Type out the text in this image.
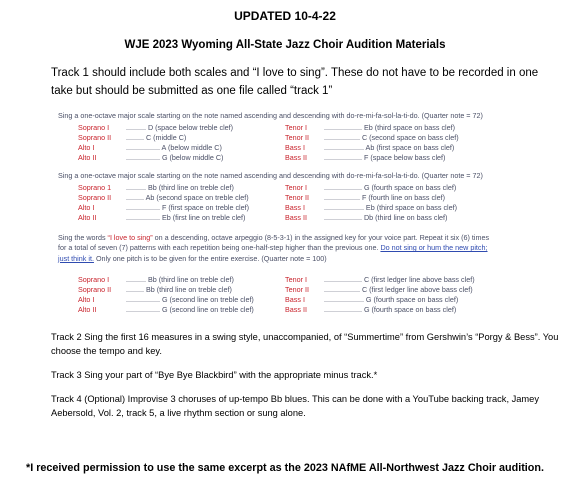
UPDATED 10-4-22
WJE 2023 Wyoming All-State Jazz Choir Audition Materials
Track 1 should include both scales and “I love to sing”. These do not have to be recorded in one take but should be submitted as one file called “track 1”
Sing a one-octave major scale starting on the note named ascending and descending with do-re-mi-fa-sol-la-ti-do. (Quarter note = 72)
Soprano I .......... D (space below treble clef)	Tenor I ................... Eb (third space on bass clef)
Soprano II ......... C (middle C)	Tenor II .................. C (second space on bass clef)
Alto I	................. A (below middle C)	Bass I	.................... Ab (first space on bass clef)
Alto II	................. G (below middle C)	Bass II ................... F (space below bass clef)
Sing a one-octave major scale starting on the note named ascending and descending with do-re-mi-fa-sol-la-ti-do. (Quarter note = 72)
Soprano 1 .......... Bb (third line on treble clef)	Tenor I ................... G (fourth space on bass clef)
Soprano II ......... Ab (second space on treble clef)	Tenor II .................. F (fourth line on bass clef)
Alto I	................. F (first space on treble clef)	Bass I	.................... Eb (third space on bass clef)
Alto II	................. Eb (first line on treble clef)	Bass II ................... Db (third line on bass clef)
Sing the words “I love to sing” on a descending, octave arpeggio (8-5-3-1) in the assigned key for your voice part. Repeat it six (6) times for a total of seven (7) patterns with each repetition being one-half-step higher than the previous one. Do not sing or hum the new pitch; just think it. Only one pitch is to be given for the entire exercise. (Quarter note = 100)
Soprano I .......... Bb (third line on treble clef)	Tenor I ................... C (first ledger line above bass clef)
Soprano II ......... Bb (third line on treble clef)	Tenor II .................. C (first ledger line above bass clef)
Alto I	................. G (second line on treble clef)	Bass I	.................... G (fourth space on bass clef)
Alto II	................. G (second line on treble clef)	Bass II ................... G (fourth space on bass clef)
Track 2 Sing the first 16 measures in a swing style, unaccompanied, of “Summertime” from Gershwin’s “Porgy & Bess”. You choose the tempo and key.
Track 3 Sing your part of “Bye Bye Blackbird” with the appropriate minus track.*
Track 4 (Optional) Improvise 3 choruses of up-tempo Bb blues. This can be done with a YouTube backing track, Jamey Aebersold, Vol. 2, track 5, a live rhythm section or sung alone.
*I received permission to use the same excerpt as the 2023 NAfME All-Northwest Jazz Choir audition.
